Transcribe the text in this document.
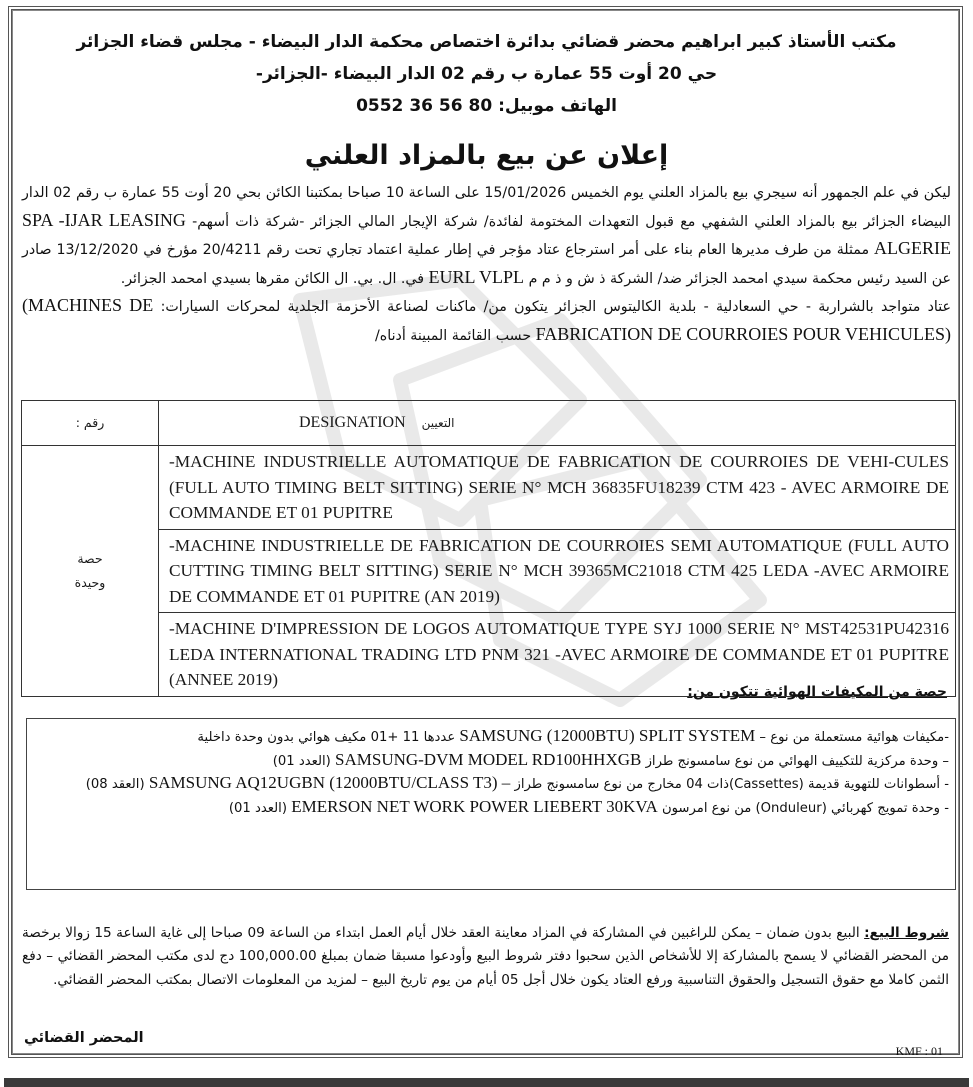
مكتب الأستاذ كبير ابراهيم محضر قضائي بدائرة اختصاص محكمة الدار البيضاء - مجلس قضاء الجزائر
حي 20 أوت 55 عمارة ب رقم 02 الدار البيضاء -الجزائر-
الهاتف موبيل: 80 56 36 0552
إعلان عن بيع بالمزاد العلني
ليكن في علم الجمهور أنه سيجري بيع بالمزاد العلني يوم الخميس 15/01/2026 على الساعة 10 صباحا بمكتبنا الكائن بحي 20 أوت 55 عمارة ب رقم 02 الدار البيضاء الجزائر بيع بالمزاد العلني الشفهي مع قبول التعهدات المختومة لفائدة/ شركة الإيجار المالي الجزائر -شركة ذات أسهم- SPA -IJAR LEASING ALGERIE ممثلة من طرف مديرها العام بناء على أمر استرجاع عتاد مؤجر في إطار عملية اعتماد تجاري تحت رقم 20/4211 مؤرخ في 13/12/2020 صادر عن السيد رئيس محكمة سيدي امحمد الجزائر ضد/ الشركة ذ ش و ذ م م EURL VLPL في. ال. بي. ال الكائن مقرها بسيدي امحمد الجزائر.
عتاد متواجد بالشراربة - حي السعادلية - بلدية الكاليتوس الجزائر يتكون من/ ماكنات لصناعة الأحزمة الجلدية لمحركات السيارات: (MACHINES DE FABRICATION DE COURROIES POUR VEHICULES) حسب القائمة المبينة أدناه/
رقم :	DESIGNATION التعيين

حصة
وحيدة	-MACHINE INDUSTRIELLE AUTOMATIQUE DE FABRICATION DE COURROIES DE VEHI-CULES (FULL AUTO TIMING BELT SITTING) SERIE N° MCH 36835FU18239 CTM 423 - AVEC ARMOIRE DE COMMANDE ET 01 PUPITRE
	-MACHINE INDUSTRIELLE DE FABRICATION DE COURROIES SEMI AUTOMATIQUE (FULL AUTO CUTTING TIMING BELT SITTING) SERIE N° MCH 39365MC21018 CTM 425 LEDA -AVEC ARMOIRE DE COMMANDE ET 01 PUPITRE (AN 2019)
	-MACHINE D'IMPRESSION DE LOGOS AUTOMATIQUE TYPE SYJ 1000 SERIE N° MST42531PU42316 LEDA INTERNATIONAL TRADING LTD PNM 321 -AVEC ARMOIRE DE COMMANDE ET 01 PUPITRE (ANNEE 2019)
حصة من المكيفات الهوائية تتكون من:

-مكيفات هوائية مستعملة من نوع – SAMSUNG (12000BTU) SPLIT SYSTEM عددها 11 +01 مكيف هوائي بدون وحدة داخلية

– وحدة مركزية للتكييف الهوائي من نوع سامسونج طراز SAMSUNG-DVM MODEL RD100HHXGB (العدد 01)

- أسطوانات للتهوية قديمة (Cassettes)ذات 04 مخارج من نوع سامسونج طراز SAMSUNG AQ12UGBN (12000BTU/CLASS T3) – (العقد 08)

- وحدة تمويج كهربائي (Onduleur) من نوع امرسون EMERSON NET WORK POWER LIEBERT 30KVA (العدد 01)

شروط البيع: البيع بدون ضمان – يمكن للراغبين في المشاركة في المزاد معاينة العقد خلال أيام العمل ابتداء من الساعة 09 صباحا إلى غاية الساعة 15 زوالا برخصة من المحضر القضائي لا يسمح بالمشاركة إلا للأشخاص الذين سحبوا دفتر شروط البيع وأودعوا مسبقا ضمان بمبلغ 100,000.00 دج لدى مكتب المحضر القضائي – دفع الثمن كاملا مع حقوق التسجيل والحقوق التناسبية ورفع العتاد يكون خلال أجل 05 أيام من يوم تاريخ البيع – لمزيد من المعلومات الاتصال بمكتب المحضر القضائي.
المحضر القضائي
KMF : 01
